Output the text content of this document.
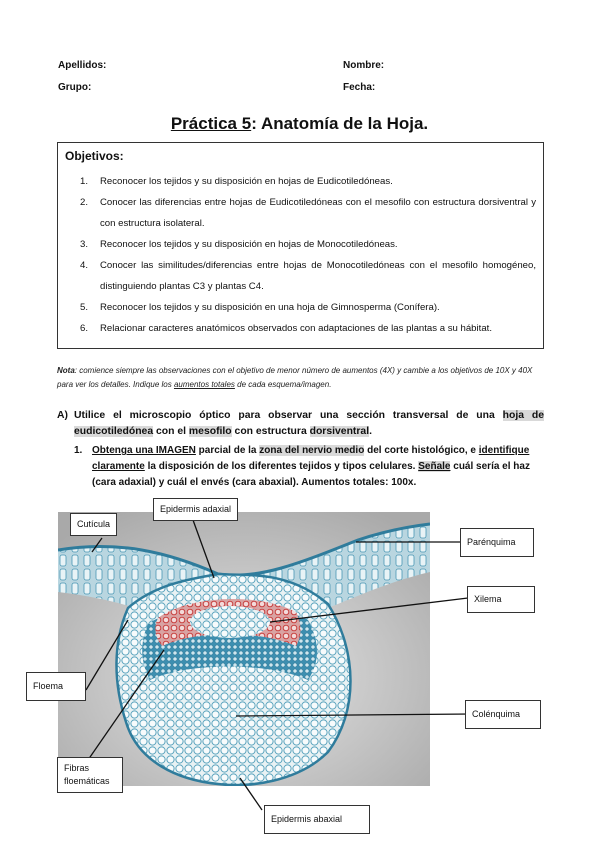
Apellidos:	Nombre:
Grupo:	Fecha:
Práctica 5: Anatomía de la Hoja.
Objetivos:
1. Reconocer los tejidos y su disposición en hojas de Eudicotiledóneas.
2. Conocer las diferencias entre hojas de Eudicotiledóneas con el mesofilo con estructura dorsiventral y con estructura isolateral.
3. Reconocer los tejidos y su disposición en hojas de Monocotiledóneas.
4. Conocer las similitudes/diferencias entre hojas de Monocotiledóneas con el mesofilo homogéneo, distinguiendo plantas C3 y plantas C4.
5. Reconocer los tejidos y su disposición en una hoja de Gimnosperma (Conífera).
6. Relacionar caracteres anatómicos observados con adaptaciones de las plantas a su hábitat.
Nota: comience siempre las observaciones con el objetivo de menor número de aumentos (4X) y cambie a los objetivos de 10X y 40X para ver los detalles. Indique los aumentos totales de cada esquema/imagen.
A) Utilice el microscopio óptico para observar una sección transversal de una hoja de eudicotiledónea con el mesofilo con estructura dorsiventral.
1. Obtenga una IMAGEN parcial de la zona del nervio medio del corte histológico, e identifique claramente la disposición de los diferentes tejidos y tipos celulares. Señale cuál sería el haz (cara adaxial) y cuál el envés (cara abaxial). Aumentos totales: 100x.
Cutícula
Epidermis adaxial
Parénquima
Xilema
Floema
Colénquima
Fibras
floemáticas
Epidermis abaxial
